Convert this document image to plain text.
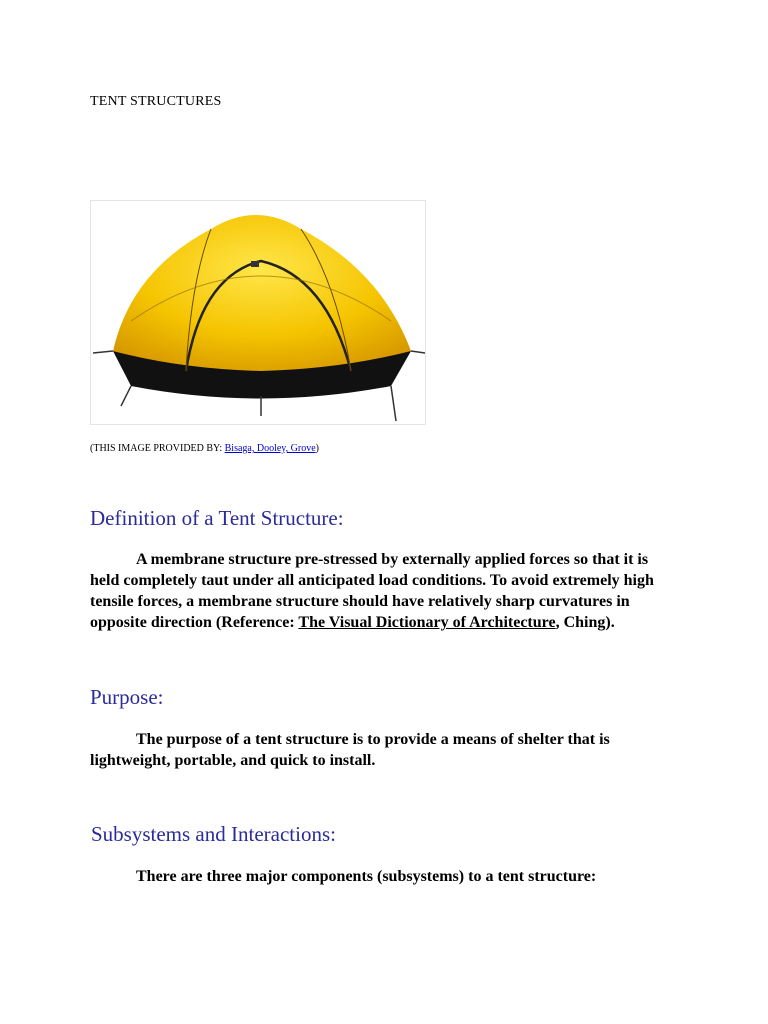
TENT STRUCTURES
(THIS IMAGE PROVIDED BY: Bisaga, Dooley, Grove)
Definition of a Tent Structure:

A membrane structure pre-stressed by externally applied forces so that it is held completely taut under all anticipated load conditions. To avoid extremely high tensile forces, a membrane structure should have relatively sharp curvatures in opposite direction (Reference: The Visual Dictionary of Architecture, Ching).

Purpose:

The purpose of a tent structure is to provide a means of shelter that is lightweight, portable, and quick to install.

Subsystems and Interactions:

There are three major components (subsystems) to a tent structure:
